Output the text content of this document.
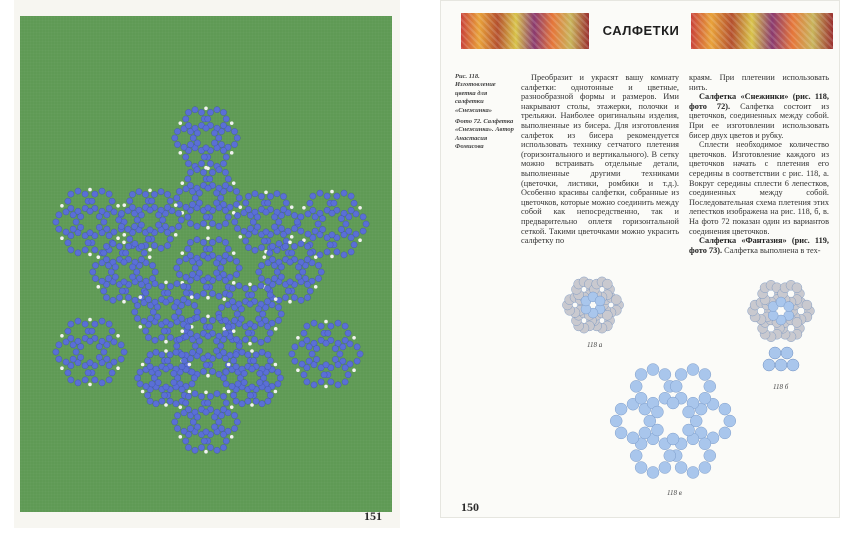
151
САЛФЕТКИ

Рис. 118. Изготовление цветка для салфетки «Снежинка»

Фото 72. Салфетка «Снежинка». Автор Анастасия Фомисова

Преобразит и украсят вашу комнату салфетки: однотонные и цветные, разнообразной формы и размеров. Ими накрывают столы, этажерки, полочки и трельяжи. Наиболее оригинальны изделия, выполненные из бисера. Для изготовления салфеток из бисера рекомендуется использовать технику сетчатого плетения (горизонтального и вертикального). В сетку можно встраивать отдельные детали, выполненные другими техниками (цветочки, листики, ромбики и т.д.). Особенно красивы салфетки, собранные из цветочков, которые можно соединить между собой как непосредственно, так и предварительно оплетя горизонтальной сеткой. Такими цветочками можно украсить салфетку по

краям. При плетении использовать нить.

Салфетка «Снежинки» (рис. 118, фото 72). Салфетка состоит из цветочков, соединенных между собой. При ее изготовлении использовать бисер двух цветов и рубку.

Сплести необходимое количество цветочков. Изготовление каждого из цветочков начать с плетения его середины в соответствии с рис. 118, а. Вокруг середины сплести 6 лепестков, соединенных между собой. Последовательная схема плетения этих лепестков изображена на рис. 118, б, в. На фото 72 показан один из вариантов соединения цветочков.

Салфетка «Фантазия» (рис. 119, фото 73). Салфетка выполнена в тех-

118 а
118 б
118 в
150
